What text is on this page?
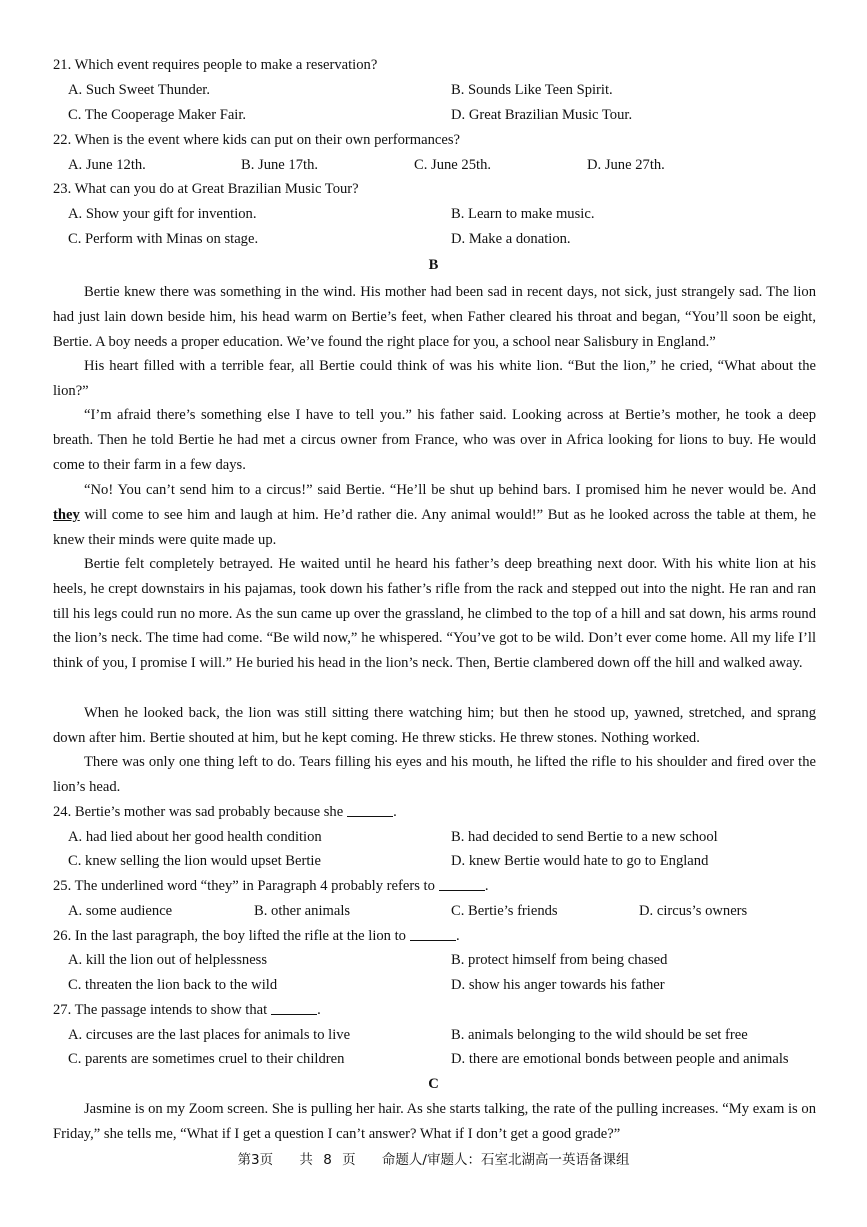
21. Which event requires people to make a reservation?
A. Such Sweet Thunder.	B. Sounds Like Teen Spirit.
C. The Cooperage Maker Fair.	D. Great Brazilian Music Tour.
22. When is the event where kids can put on their own performances?
A. June 12th.	B. June 17th.	C. June 25th.	D. June 27th.
23. What can you do at Great Brazilian Music Tour?
A. Show your gift for invention.	B. Learn to make music.
C. Perform with Minas on stage.	D. Make a donation.
B

Bertie knew there was something in the wind. His mother had been sad in recent days, not sick, just strangely sad. The lion had just lain down beside him, his head warm on Bertie’s feet, when Father cleared his throat and began, “You’ll soon be eight, Bertie. A boy needs a proper education. We’ve found the right place for you, a school near Salisbury in England.”

His heart filled with a terrible fear, all Bertie could think of was his white lion. “But the lion,” he cried, “What about the lion?”

“I’m afraid there’s something else I have to tell you.” his father said. Looking across at Bertie’s mother, he took a deep breath. Then he told Bertie he had met a circus owner from France, who was over in Africa looking for lions to buy. He would come to their farm in a few days.

“No! You can’t send him to a circus!” said Bertie. “He’ll be shut up behind bars. I promised him he never would be. And they will come to see him and laugh at him. He’d rather die. Any animal would!” But as he looked across the table at them, he knew their minds were quite made up.

Bertie felt completely betrayed. He waited until he heard his father’s deep breathing next door. With his white lion at his heels, he crept downstairs in his pajamas, took down his father’s rifle from the rack and stepped out into the night. He ran and ran till his legs could run no more. As the sun came up over the grassland, he climbed to the top of a hill and sat down, his arms round the lion’s neck. The time had come. “Be wild now,” he whispered. “You’ve got to be wild. Don’t ever come home. All my life I’ll think of you, I promise I will.” He buried his head in the lion’s neck. Then, Bertie clambered down off the hill and walked away.

When he looked back, the lion was still sitting there watching him; but then he stood up, yawned, stretched, and sprang down after him. Bertie shouted at him, but he kept coming. He threw sticks. He threw stones. Nothing worked.

There was only one thing left to do. Tears filling his eyes and his mouth, he lifted the rifle to his shoulder and fired over the lion’s head.

24. Bertie’s mother was sad probably because she	.
A. had lied about her good health condition	B. had decided to send Bertie to a new school
C. knew selling the lion would upset Bertie	D. knew Bertie would hate to go to England
25. The underlined word “they” in Paragraph 4 probably refers to	.
A. some audience	B. other animals	C. Bertie’s friends	D. circus’s owners
26. In the last paragraph, the boy lifted the rifle at the lion to	.
A. kill the lion out of helplessness	B. protect himself from being chased
C. threaten the lion back to the wild	D. show his anger towards his father
27. The passage intends to show that	.
A. circuses are the last places for animals to live	B. animals belonging to the wild should be set free
C. parents are sometimes cruel to their children	D. there are emotional bonds between people and animals
C

Jasmine is on my Zoom screen. She is pulling her hair. As she starts talking, the rate of the pulling increases. “My exam is on Friday,” she tells me, “What if I get a question I can’t answer? What if I don’t get a good grade?”

第3页 共 8 页 命题人/审题人：石室北湖高一英语备课组
